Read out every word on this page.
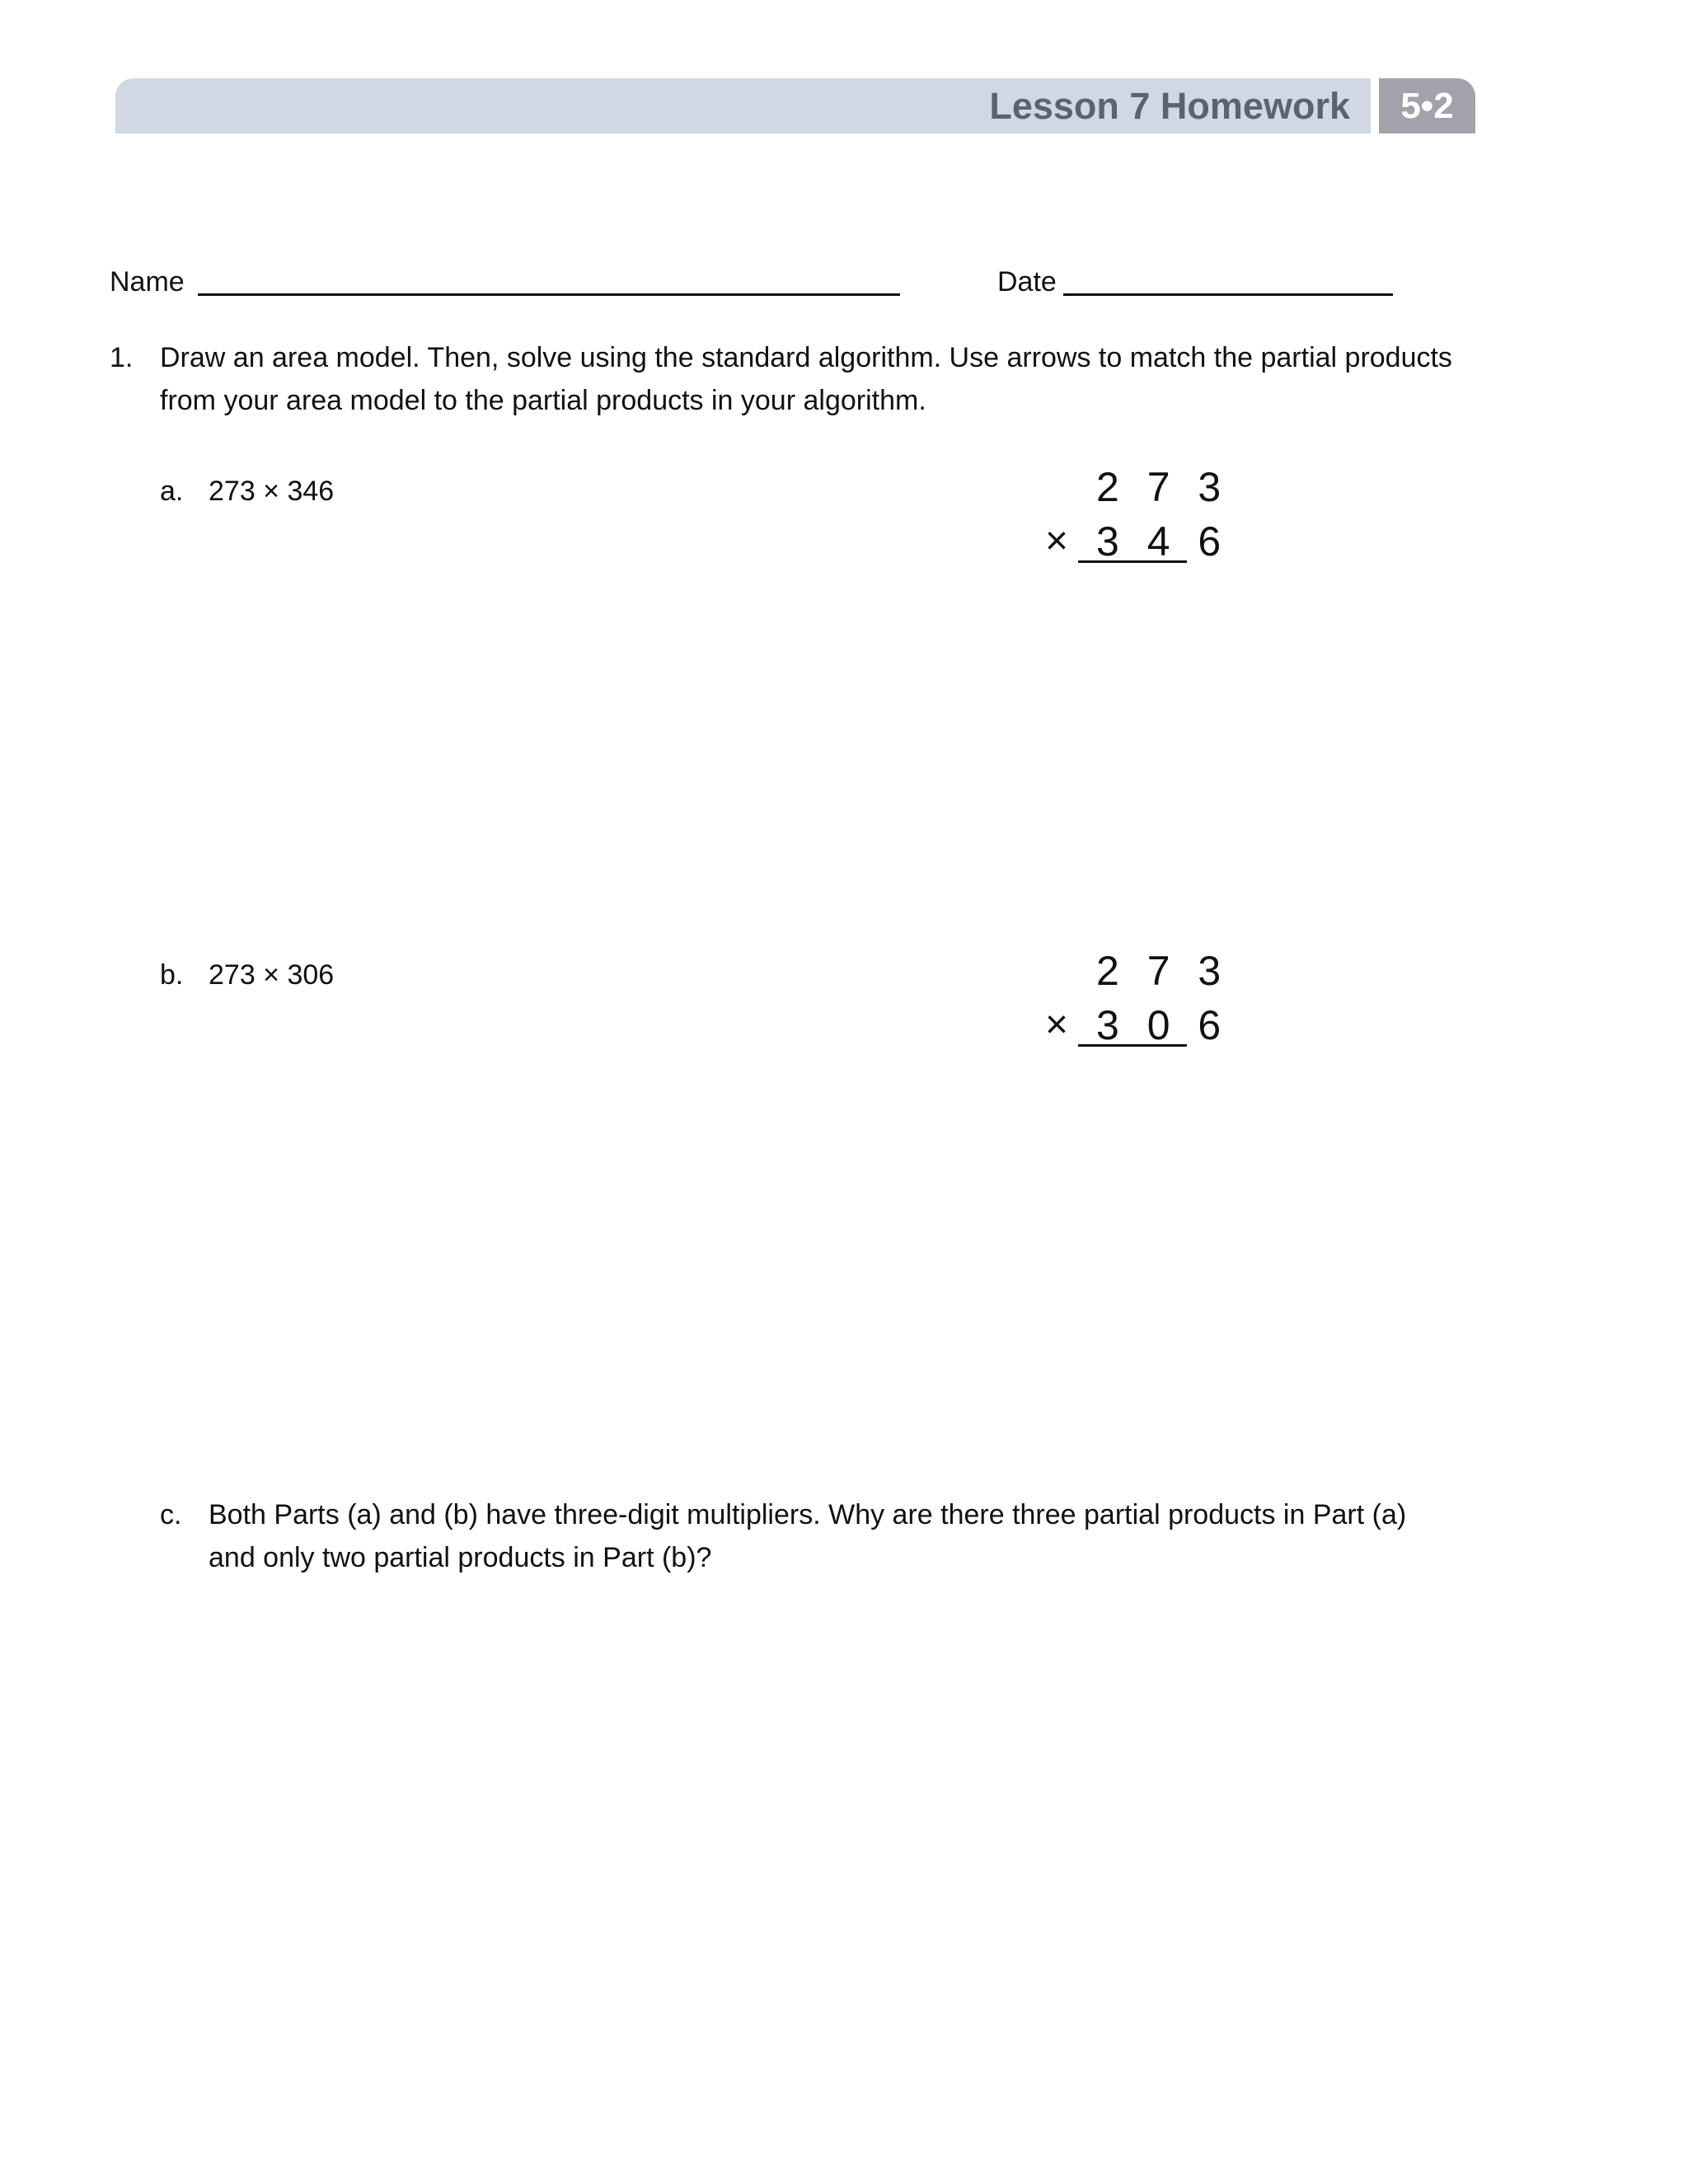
Lesson 7 Homework	5•2
Name	Date
1. Draw an area model. Then, solve using the standard algorithm. Use arrows to match the partial products from your area model to the partial products in your algorithm.
a. 273 × 346	2 7 3
× 3 4 6
b. 273 × 306	2 7 3
× 3 0 6
c. Both Parts (a) and (b) have three-digit multipliers. Why are there three partial products in Part (a) and only two partial products in Part (b)?
